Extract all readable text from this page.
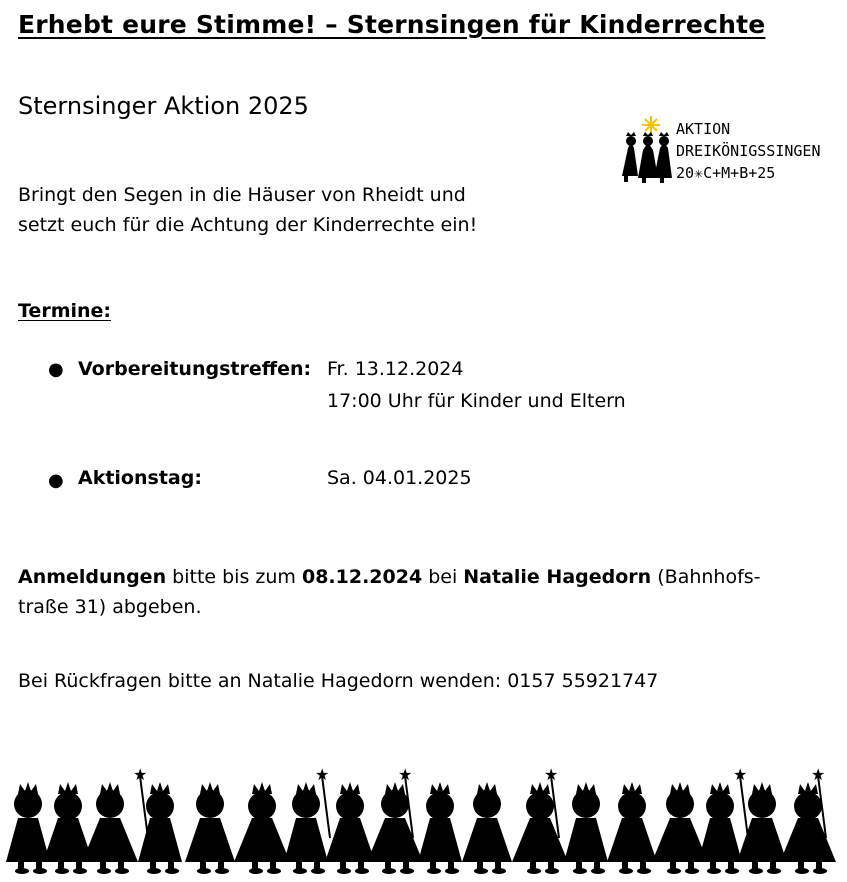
Erhebt eure Stimme! – Sternsingen für Kinderrechte
Sternsinger Aktion 2025
AKTION
DREIKÖNIGSSINGEN
20✳C+M+B+25
Bringt den Segen in die Häuser von Rheidt und
setzt euch für die Achtung der Kinderrechte ein!
Termine:
● Vorbereitungstreffen: Fr. 13.12.2024
17:00 Uhr für Kinder und Eltern
● Aktionstag:	Sa. 04.01.2025
Anmeldungen bitte bis zum 08.12.2024 bei Natalie Hagedorn (Bahnhofs-
traße 31) abgeben.
Bei Rückfragen bitte an Natalie Hagedorn wenden: 0157 55921747
★	★	★	★	★	★
